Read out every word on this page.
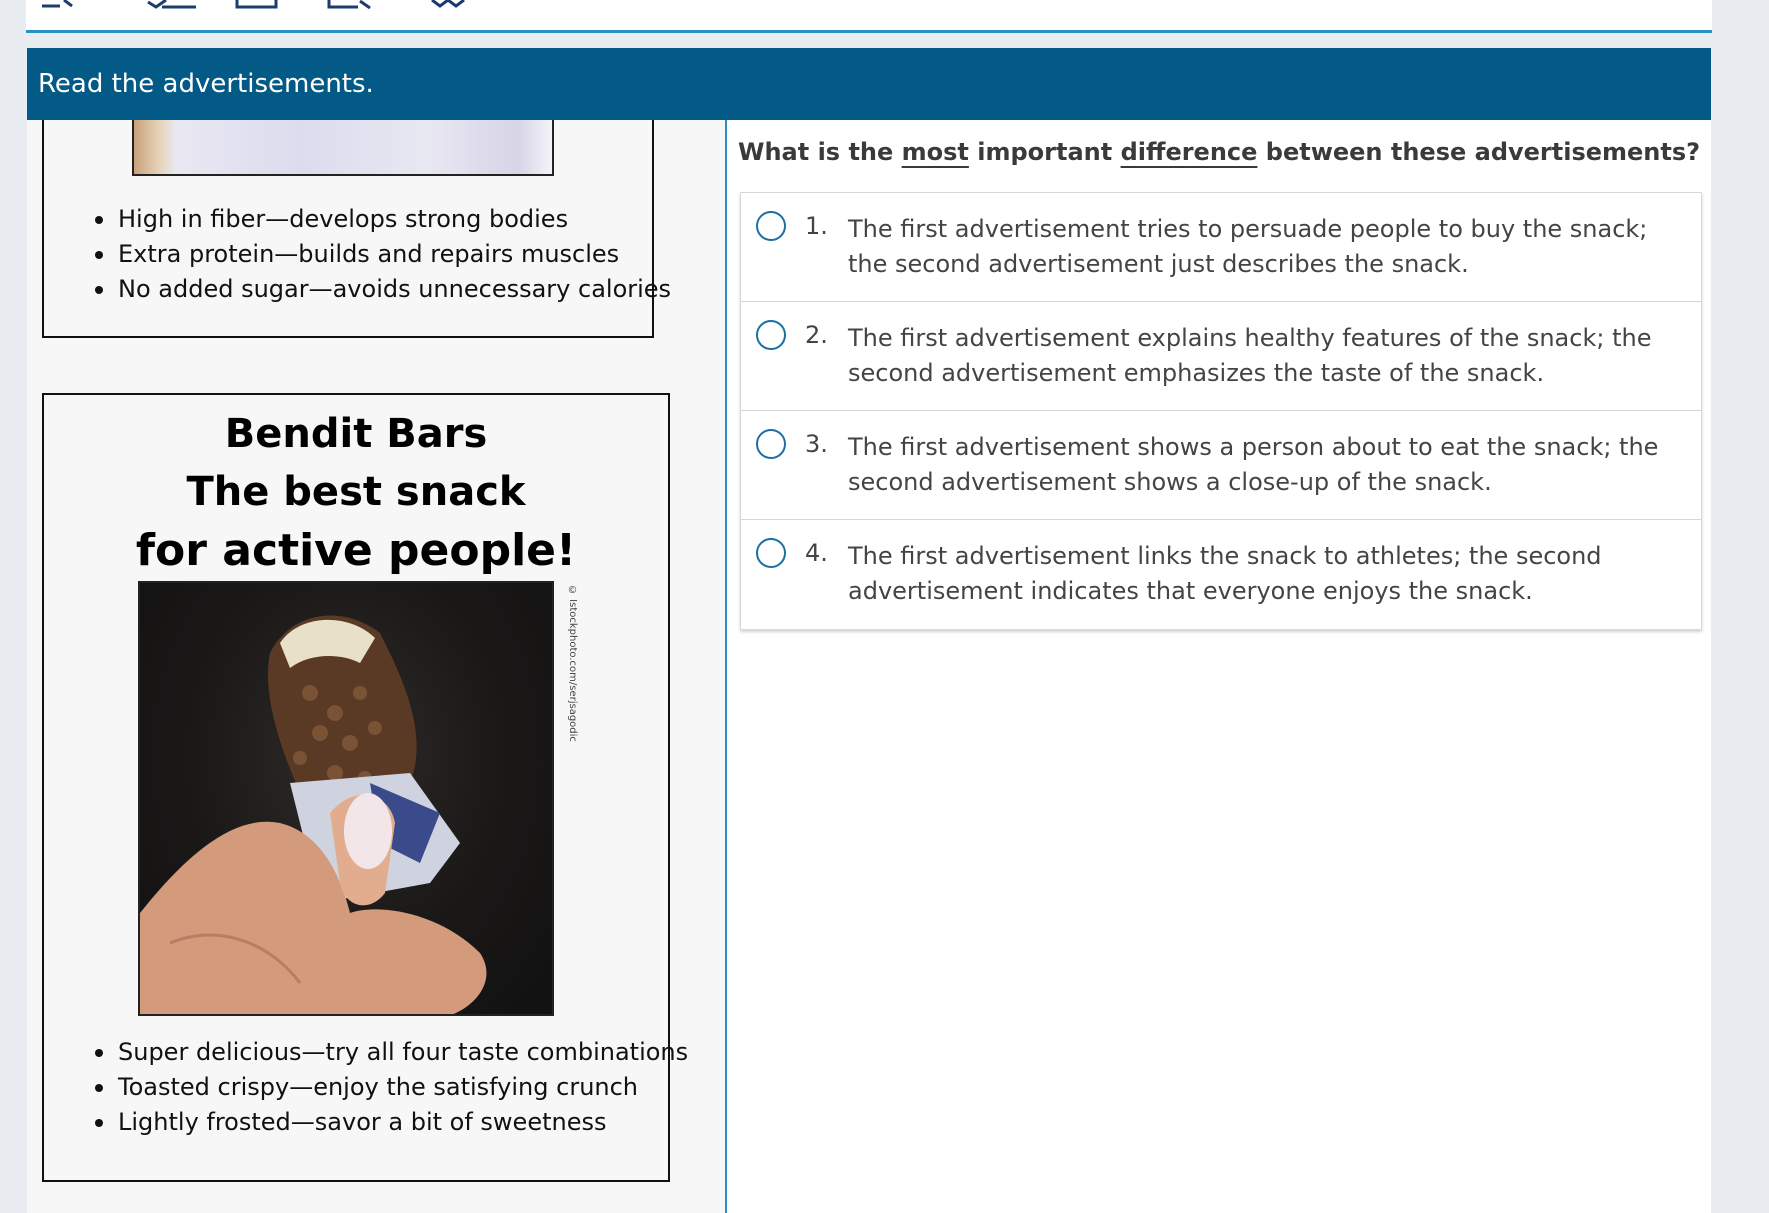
Read the advertisements.
High in fiber—develops strong bodies
Extra protein—builds and repairs muscles
No added sugar—avoids unnecessary calories
Bendit Bars
The best snack
for active people!
© Istockphoto.com/serjsagodic
Super delicious—try all four taste combinations
Toasted crispy—enjoy the satisfying crunch
Lightly frosted—savor a bit of sweetness
What is the most important difference between these advertisements?
1. The first advertisement tries to persuade people to buy the snack; the second advertisement just describes the snack.
2. The first advertisement explains healthy features of the snack; the second advertisement emphasizes the taste of the snack.
3. The first advertisement shows a person about to eat the snack; the second advertisement shows a close-up of the snack.
4. The first advertisement links the snack to athletes; the second advertisement indicates that everyone enjoys the snack.
